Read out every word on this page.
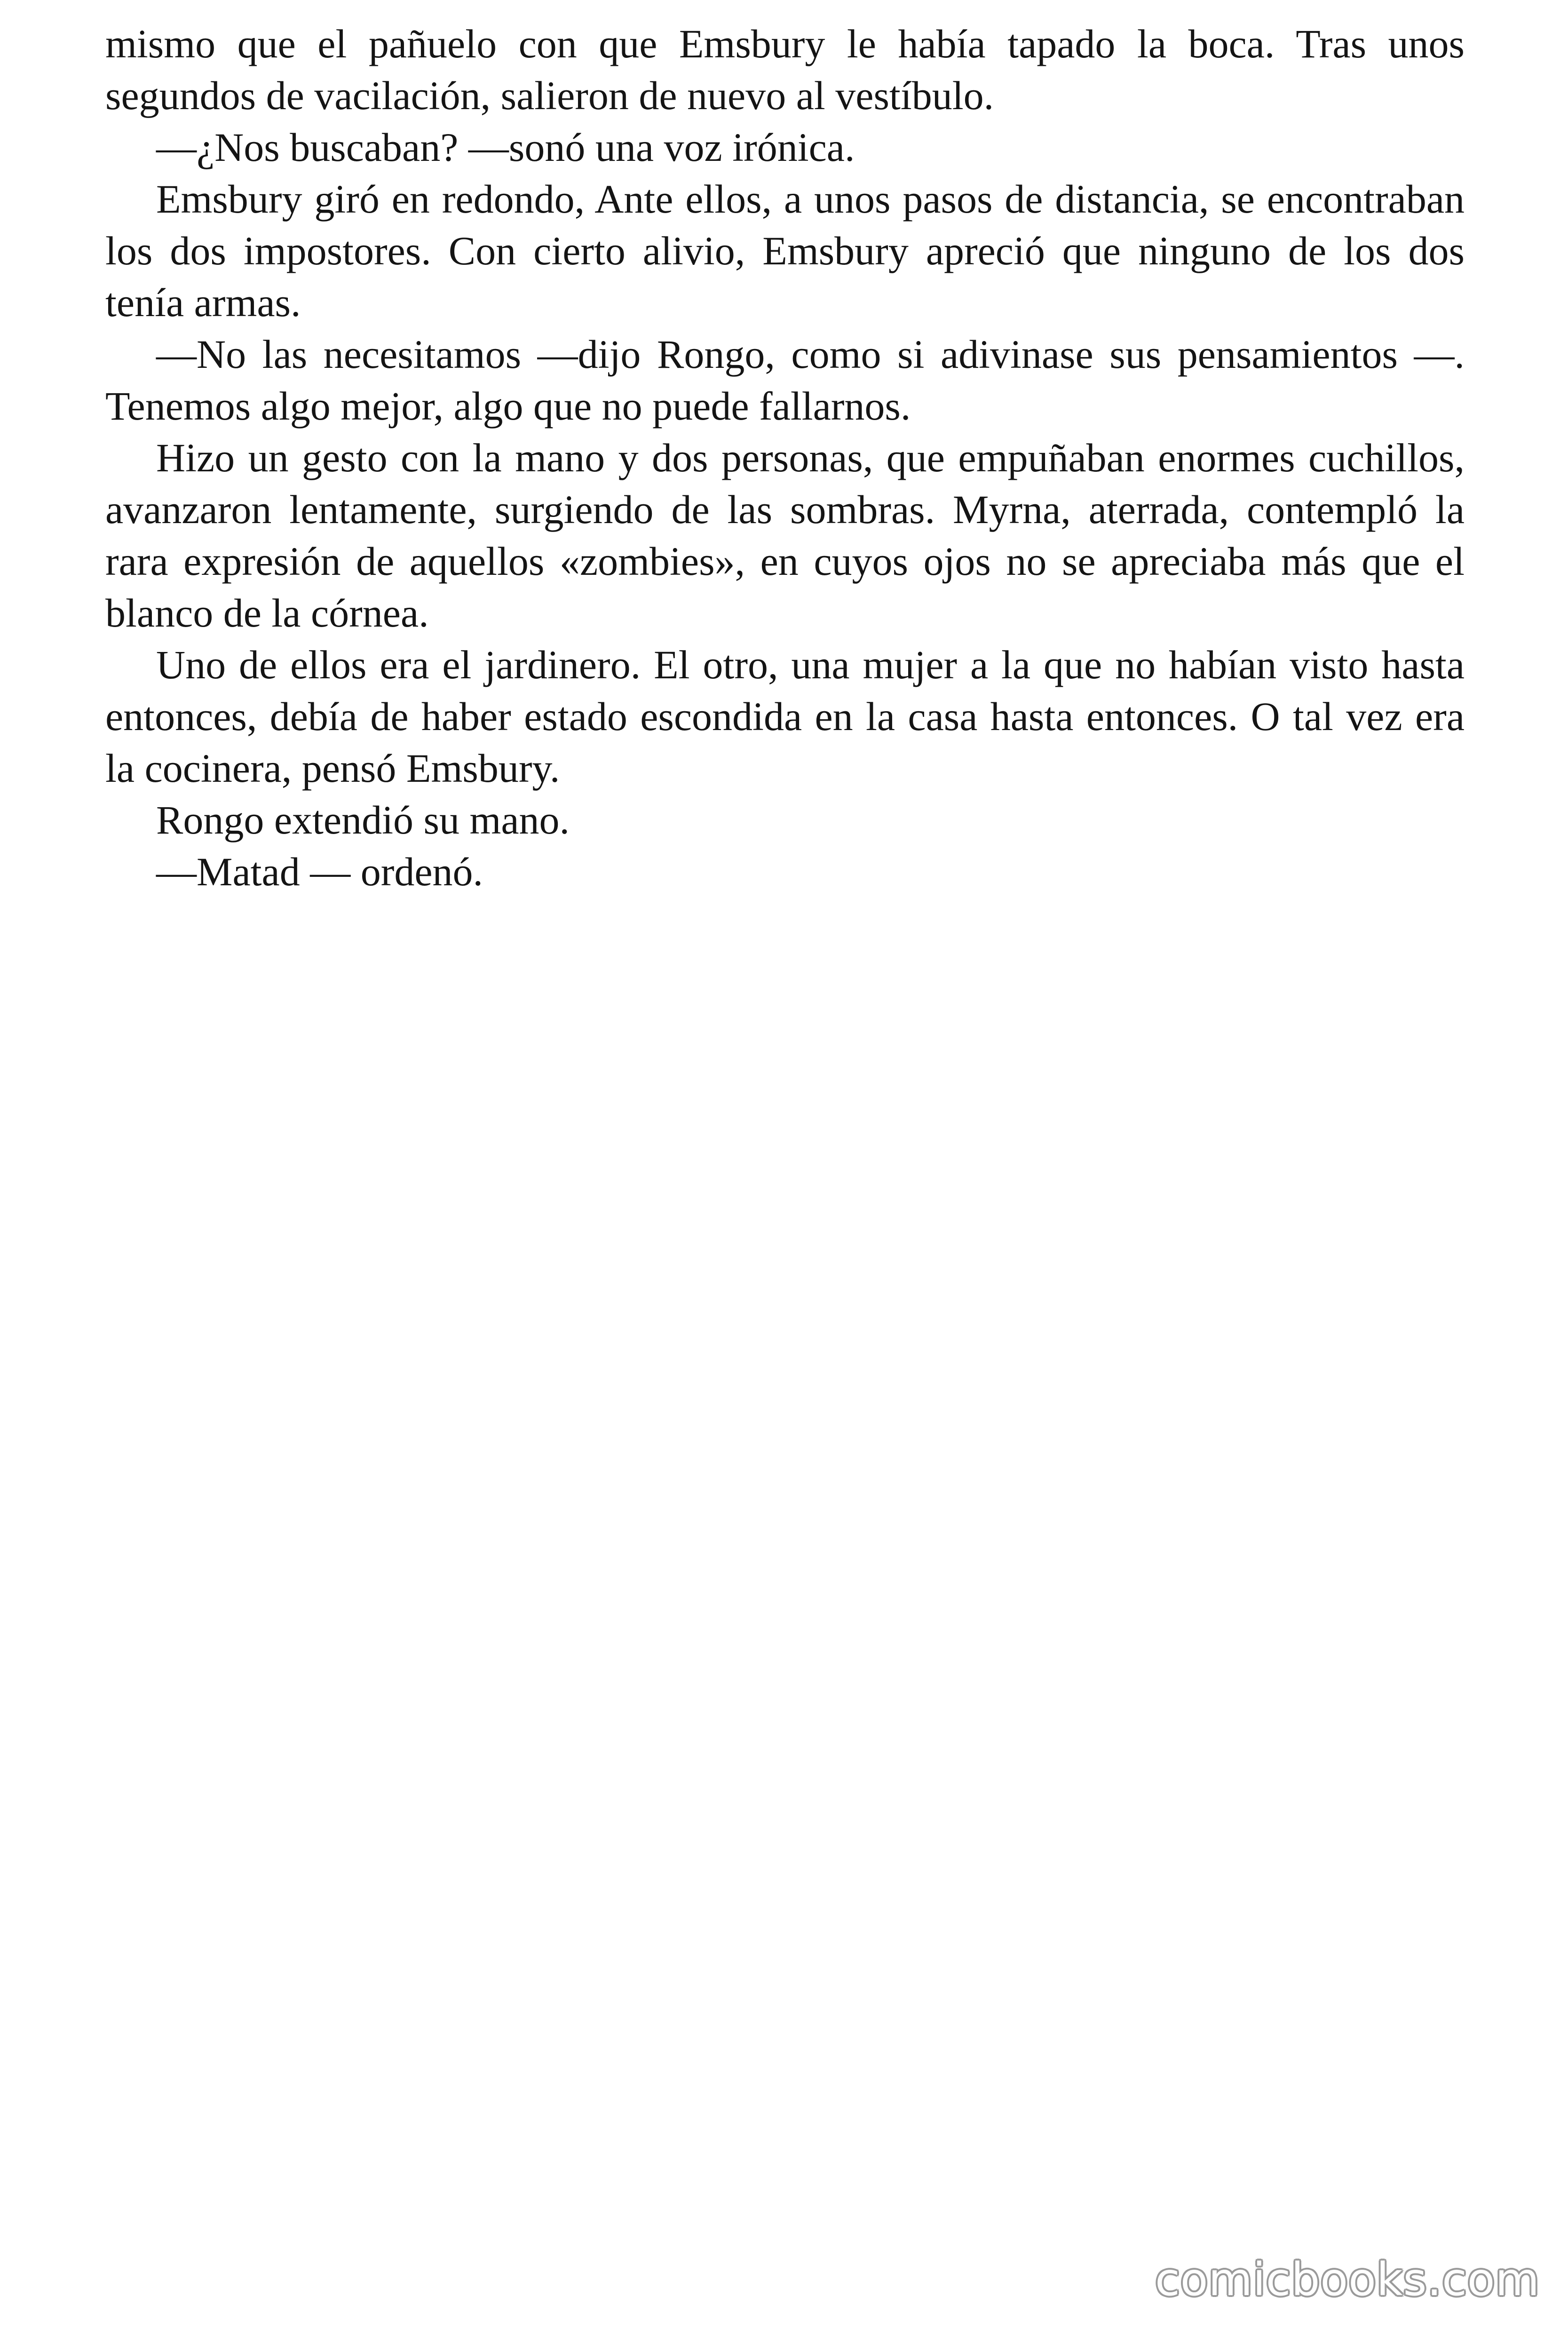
mismo que el pañuelo con que Emsbury le había tapado la boca. Tras unos segundos de vacilación, salieron de nuevo al vestíbulo.

—¿Nos buscaban? —sonó una voz irónica.

Emsbury giró en redondo, Ante ellos, a unos pasos de distancia, se encontraban los dos impostores. Con cierto alivio, Emsbury apreció que ninguno de los dos tenía armas.

—No las necesitamos —dijo Rongo, como si adivinase sus pensamientos —. Tenemos algo mejor, algo que no puede fallarnos.

Hizo un gesto con la mano y dos personas, que empuñaban enormes cuchillos, avanzaron lentamente, surgiendo de las sombras. Myrna, aterrada, contempló la rara expresión de aquellos «zombies», en cuyos ojos no se apreciaba más que el blanco de la córnea.

Uno de ellos era el jardinero. El otro, una mujer a la que no habían visto hasta entonces, debía de haber estado escondida en la casa hasta entonces. O tal vez era la cocinera, pensó Emsbury.

Rongo extendió su mano.

—Matad — ordenó.

comicbooks.com
